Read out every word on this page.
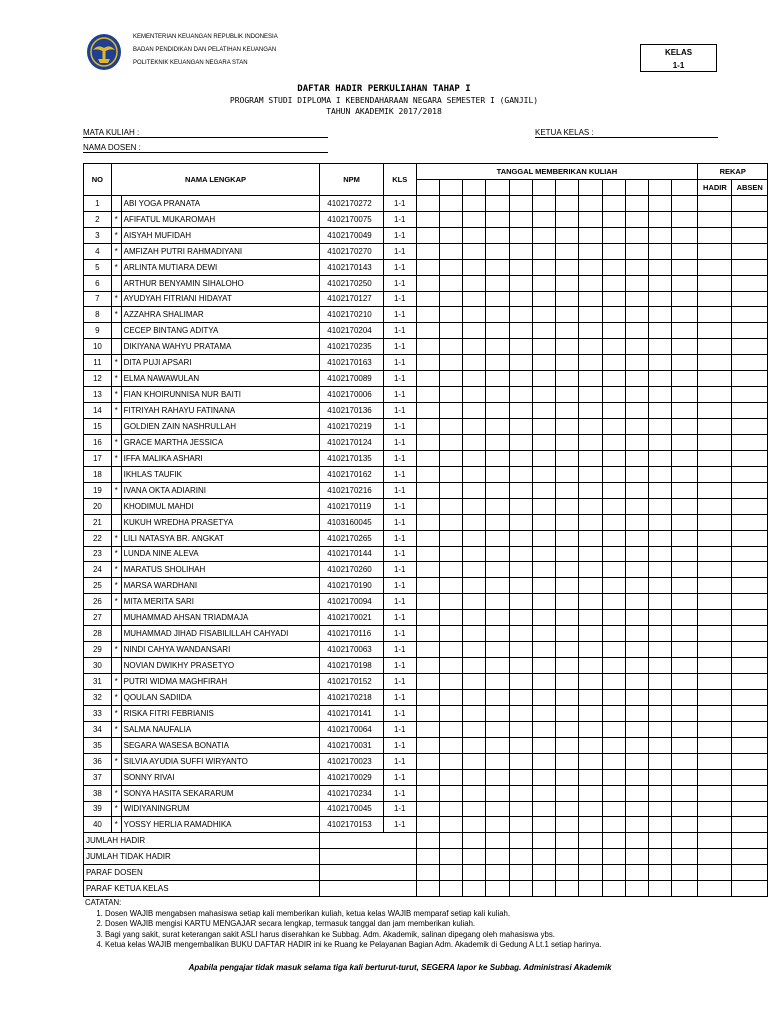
KEMENTERIAN KEUANGAN REPUBLIK INDONESIA
BADAN PENDIDIKAN DAN PELATIHAN KEUANGAN
POLITEKNIK KEUANGAN NEGARA STAN
KELAS
1-1
DAFTAR HADIR PERKULIAHAN TAHAP I
PROGRAM STUDI DIPLOMA I KEBENDAHARAAN NEGARA SEMESTER I (GANJIL)
TAHUN AKADEMIK 2017/2018
MATA KULIAH :
NAMA DOSEN :
KETUA KELAS :
NO	NAMA LENGKAP		NPM	KLS	TANGGAL MEMBERIKAN KULIAH												REKAP	
																	HADIR	ABSEN
1		ABI YOGA PRANATA	4102170272	1-1														
2	*	AFIFATUL MUKAROMAH	4102170075	1-1														
3	*	AISYAH MUFIDAH	4102170049	1-1														
4	*	AMFIZAH PUTRI RAHMADIYANI	4102170270	1-1														
5	*	ARLINTA MUTIARA DEWI	4102170143	1-1														
6		ARTHUR BENYAMIN SIHALOHO	4102170250	1-1														
7	*	AYUDYAH FITRIANI HIDAYAT	4102170127	1-1														
8	*	AZZAHRA SHALIMAR	4102170210	1-1														
9		CECEP BINTANG ADITYA	4102170204	1-1														
10		DIKIYANA WAHYU PRATAMA	4102170235	1-1														
11	*	DITA PUJI APSARI	4102170163	1-1														
12	*	ELMA NAWAWULAN	4102170089	1-1														
13	*	FIAN KHOIRUNNISA NUR BAITI	4102170006	1-1														
14	*	FITRIYAH RAHAYU FATINANA	4102170136	1-1														
15		GOLDIEN ZAIN NASHRULLAH	4102170219	1-1														
16	*	GRACE MARTHA JESSICA	4102170124	1-1														
17	*	IFFA MALIKA ASHARI	4102170135	1-1														
18		IKHLAS TAUFIK	4102170162	1-1														
19	*	IVANA OKTA ADIARINI	4102170216	1-1														
20		KHODIMUL MAHDI	4102170119	1-1														
21		KUKUH WREDHA PRASETYA	4103160045	1-1														
22	*	LILI NATASYA BR. ANGKAT	4102170265	1-1														
23	*	LUNDA NINE ALEVA	4102170144	1-1														
24	*	MARATUS SHOLIHAH	4102170260	1-1														
25	*	MARSA WARDHANI	4102170190	1-1														
26	*	MITA MERITA SARI	4102170094	1-1														
27		MUHAMMAD AHSAN TRIADMAJA	4102170021	1-1														
28		MUHAMMAD JIHAD FISABILILLAH CAHYADI	4102170116	1-1														
29	*	NINDI CAHYA WANDANSARI	4102170063	1-1														
30		NOVIAN DWIKHY PRASETYO	4102170198	1-1														
31	*	PUTRI WIDMA MAGHFIRAH	4102170152	1-1														
32	*	QOULAN SADIIDA	4102170218	1-1														
33	*	RISKA FITRI FEBRIANIS	4102170141	1-1														
34	*	SALMA NAUFALIA	4102170064	1-1														
35		SEGARA WASESA BONATIA	4102170031	1-1														
36	*	SILVIA AYUDIA SUFFI WIRYANTO	4102170023	1-1														
37		SONNY RIVAI	4102170029	1-1														
38	*	SONYA HASITA SEKARARUM	4102170234	1-1														
39	*	WIDIYANINGRUM	4102170045	1-1														
40	*	YOSSY HERLIA RAMADHIKA	4102170153	1-1														
JUMLAH HADIR																		
JUMLAH TIDAK HADIR																		
PARAF DOSEN																		
PARAF KETUA KELAS																		
CATATAN:
1. Dosen WAJIB mengabsen mahasiswa setiap kali memberikan kuliah, ketua kelas WAJIB memparaf setiap kali kuliah.
2. Dosen WAJIB mengisi KARTU MENGAJAR secara lengkap, termasuk tanggal dan jam memberikan kuliah.
3. Bagi yang sakit, surat keterangan sakit ASLI harus diserahkan ke Subbag. Adm. Akademik, salinan dipegang oleh mahasiswa ybs.
4. Ketua kelas WAJIB mengembalikan BUKU DAFTAR HADIR ini ke Ruang ke Pelayanan Bagian Adm. Akademik di Gedung A Lt.1 setiap harinya.
Apabila pengajar tidak masuk selama tiga kali berturut-turut, SEGERA lapor ke Subbag. Administrasi Akademik
